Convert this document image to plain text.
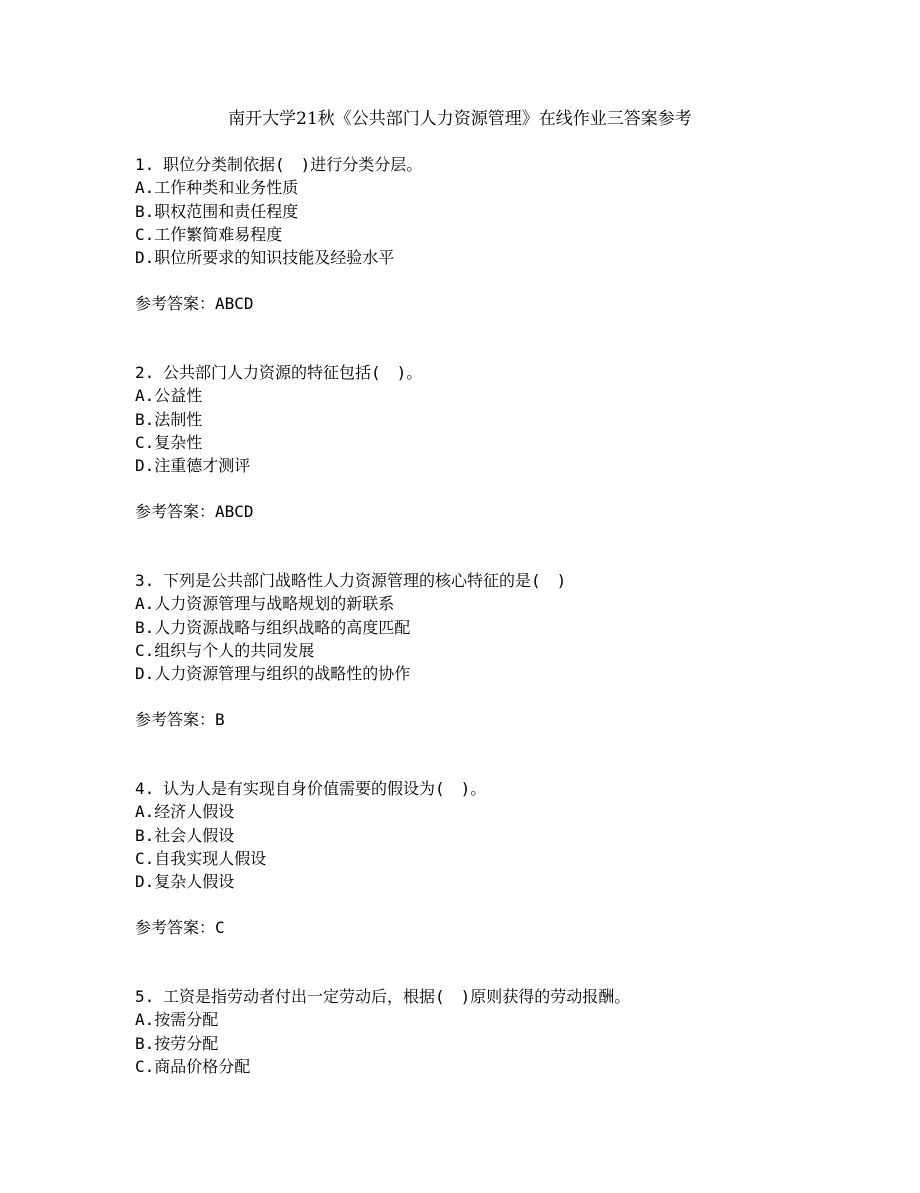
南开大学21秋《公共部门人力资源管理》在线作业三答案参考
1. 职位分类制依据(　)进行分类分层。
A.工作种类和业务性质
B.职权范围和责任程度
C.工作繁简难易程度
D.职位所要求的知识技能及经验水平
参考答案：ABCD
2. 公共部门人力资源的特征包括(　)。
A.公益性
B.法制性
C.复杂性
D.注重德才测评
参考答案：ABCD
3. 下列是公共部门战略性人力资源管理的核心特征的是(　)
A.人力资源管理与战略规划的新联系
B.人力资源战略与组织战略的高度匹配
C.组织与个人的共同发展
D.人力资源管理与组织的战略性的协作
参考答案：B
4. 认为人是有实现自身价值需要的假设为(　)。
A.经济人假设
B.社会人假设
C.自我实现人假设
D.复杂人假设
参考答案：C
5. 工资是指劳动者付出一定劳动后，根据(　)原则获得的劳动报酬。
A.按需分配
B.按劳分配
C.商品价格分配
